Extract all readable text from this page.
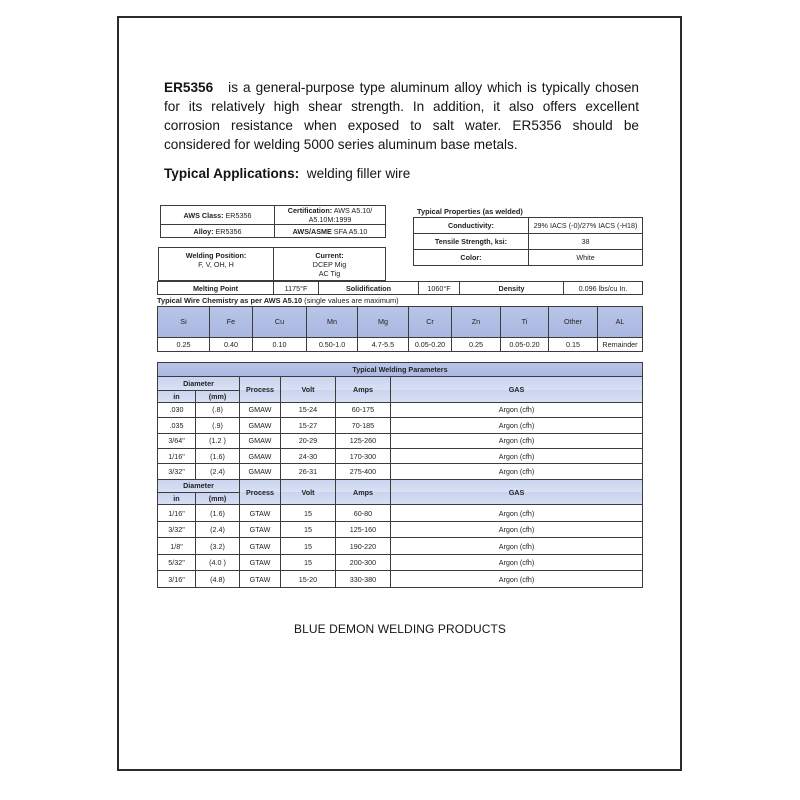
ER5356 is a general-purpose type aluminum alloy which is typically chosen for its relatively high shear strength. In addition, it also offers excellent corrosion resistance when exposed to salt water. ER5356 should be considered for welding 5000 series aluminum base metals.
Typical Applications: welding filler wire
AWS Class: ER5356	Certification: AWS A5.10/
A5.10M:1999
Alloy: ER5356	AWS/ASME SFA A5.10
Typical Properties (as welded)
Conductivity:	29% IACS (-0)/27% IACS (-H18)
Tensile Strength, ksi:	38
Color:	White
Welding Position:
F, V, OH, H	Current:
DCEP Mig
AC Tig
Melting Point	1175°F	Solidification	1060°F	Density	0.096 lbs/cu In.
Typical Wire Chemistry as per AWS A5.10 (single values are maximum)
Si	Fe	Cu	Mn	Mg	Cr	Zn	Ti	Other	AL
0.25	0.40	0.10	0.50-1.0	4.7-5.5	0.05-0.20	0.25	0.05-0.20	0.15	Remainder
Typical Welding Parameters					
Diameter		Process	Volt	Amps	GAS
in	(mm)				
.030	(.8)	GMAW	15-24	60-175	Argon (cfh)
.035	(.9)	GMAW	15-27	70-185	Argon (cfh)
3/64"	(1.2 )	GMAW	20-29	125-260	Argon (cfh)
1/16"	(1.6)	GMAW	24-30	170-300	Argon (cfh)
3/32"	(2.4)	GMAW	26-31	275-400	Argon (cfh)
Diameter		Process	Volt	Amps	GAS
in	(mm)				
1/16"	(1.6)	GTAW	15	60-80	Argon (cfh)
3/32"	(2.4)	GTAW	15	125-160	Argon (cfh)
1/8"	(3.2)	GTAW	15	190-220	Argon (cfh)
5/32"	(4.0 )	GTAW	15	200-300	Argon (cfh)
3/16"	(4.8)	GTAW	15-20	330-380	Argon (cfh)
BLUE DEMON WELDING PRODUCTS
